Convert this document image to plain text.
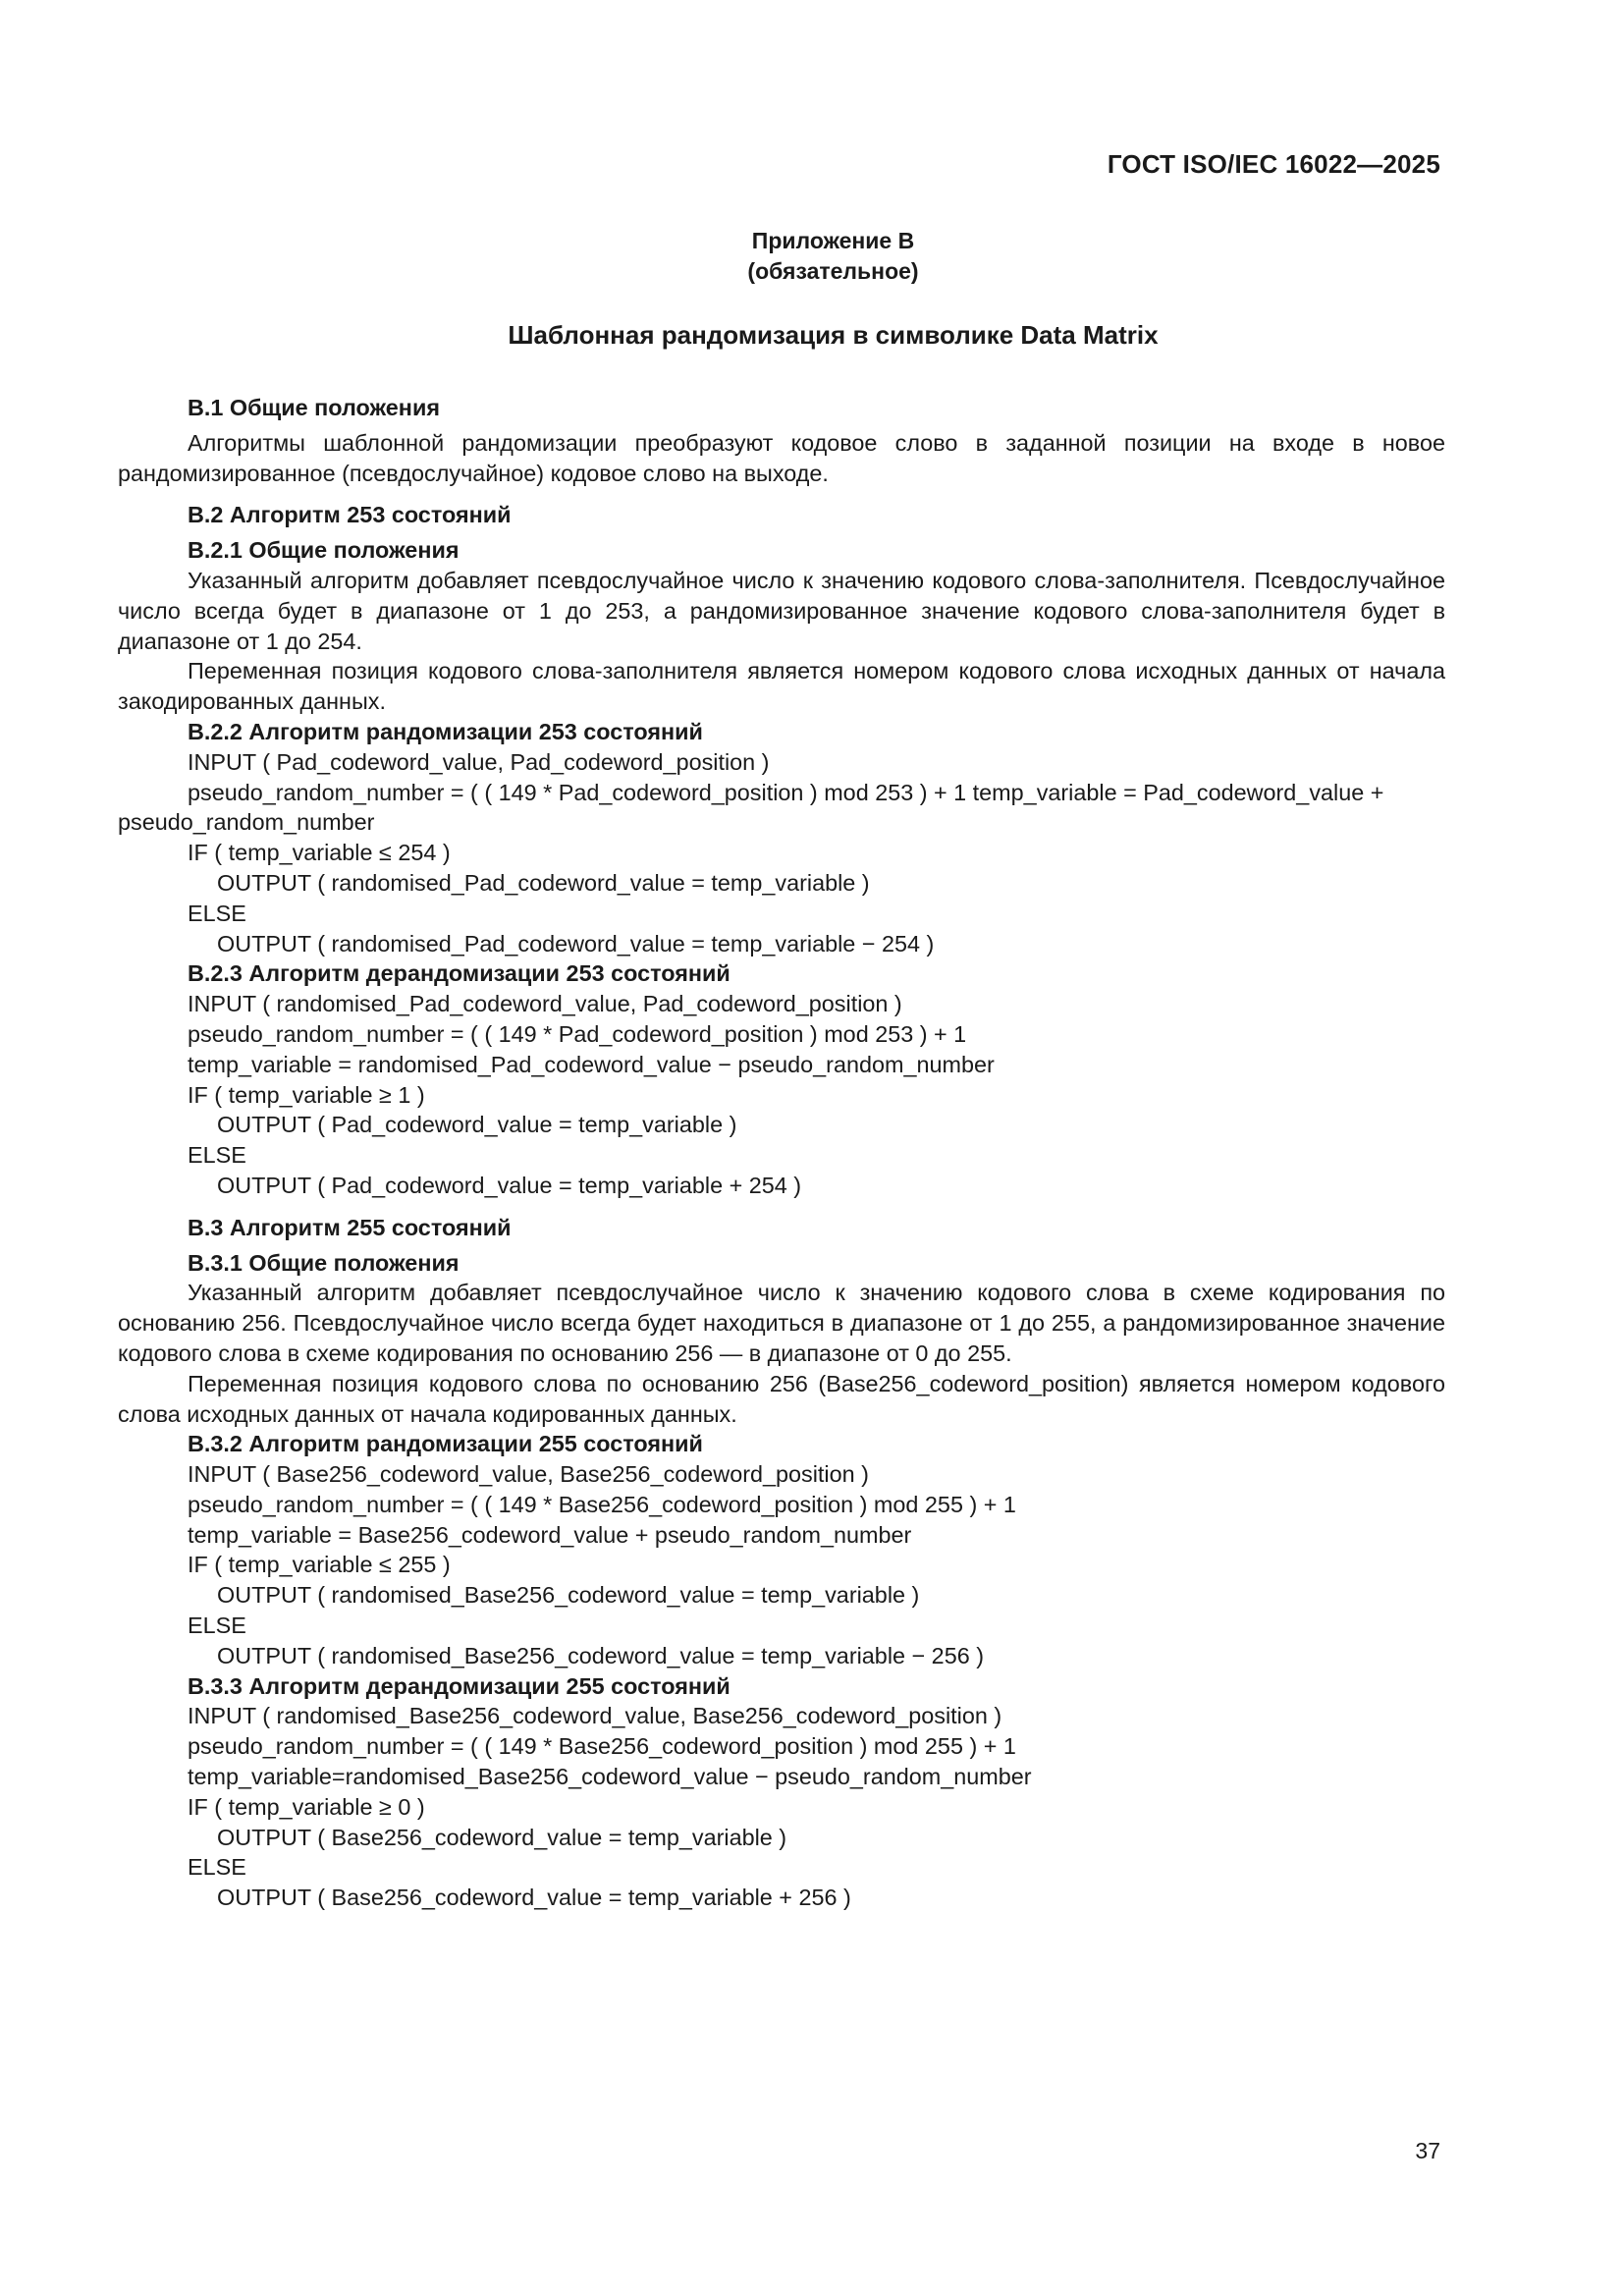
ГОСТ ISO/IEC 16022—2025
Приложение В
(обязательное)
Шаблонная рандомизация в символике Data Matrix

В.1 Общие положения

Алгоритмы шаблонной рандомизации преобразуют кодовое слово в заданной позиции на входе в новое рандомизированное (псевдослучайное) кодовое слово на выходе.

В.2 Алгоритм 253 состояний

В.2.1 Общие положения

Указанный алгоритм добавляет псевдослучайное число к значению кодового слова-заполнителя. Псевдослучайное число всегда будет в диапазоне от 1 до 253, а рандомизированное значение кодового слова-заполнителя будет в диапазоне от 1 до 254.

Переменная позиция кодового слова-заполнителя является номером кодового слова исходных данных от начала закодированных данных.

В.2.2 Алгоритм рандомизации 253 состояний

INPUT ( Pad_codeword_value, Pad_codeword_position )

pseudo_random_number = ( ( 149 * Pad_codeword_position ) mod 253 ) + 1 temp_variable = Pad_codeword_value + pseudo_random_number

IF ( temp_variable ≤ 254 )

OUTPUT ( randomised_Pad_codeword_value = temp_variable )

ELSE

OUTPUT ( randomised_Pad_codeword_value = temp_variable − 254 )

В.2.3 Алгоритм дерандомизации 253 состояний

INPUT ( randomised_Pad_codeword_value, Pad_codeword_position )

pseudo_random_number = ( ( 149 * Pad_codeword_position ) mod 253 ) + 1

temp_variable = randomised_Pad_codeword_value − pseudo_random_number

IF ( temp_variable ≥ 1 )

OUTPUT ( Pad_codeword_value = temp_variable )

ELSE

OUTPUT ( Pad_codeword_value = temp_variable + 254 )

В.3 Алгоритм 255 состояний

В.3.1 Общие положения

Указанный алгоритм добавляет псевдослучайное число к значению кодового слова в схеме кодирования по основанию 256. Псевдослучайное число всегда будет находиться в диапазоне от 1 до 255, а рандомизированное значение кодового слова в схеме кодирования по основанию 256 — в диапазоне от 0 до 255.

Переменная позиция кодового слова по основанию 256 (Base256_codeword_position) является номером кодового слова исходных данных от начала кодированных данных.

В.3.2 Алгоритм рандомизации 255 состояний

INPUT ( Base256_codeword_value, Base256_codeword_position )

pseudo_random_number = ( ( 149 * Base256_codeword_position ) mod 255 ) + 1

temp_variable = Base256_codeword_value + pseudo_random_number

IF ( temp_variable ≤ 255 )

OUTPUT ( randomised_Base256_codeword_value = temp_variable )

ELSE

OUTPUT ( randomised_Base256_codeword_value = temp_variable − 256 )

В.3.3 Алгоритм дерандомизации 255 состояний

INPUT ( randomised_Base256_codeword_value, Base256_codeword_position )

pseudo_random_number = ( ( 149 * Base256_codeword_position ) mod 255 ) + 1

temp_variable=randomised_Base256_codeword_value − pseudo_random_number

IF ( temp_variable ≥ 0 )

OUTPUT ( Base256_codeword_value = temp_variable )

ELSE

OUTPUT ( Base256_codeword_value = temp_variable + 256 )

37
